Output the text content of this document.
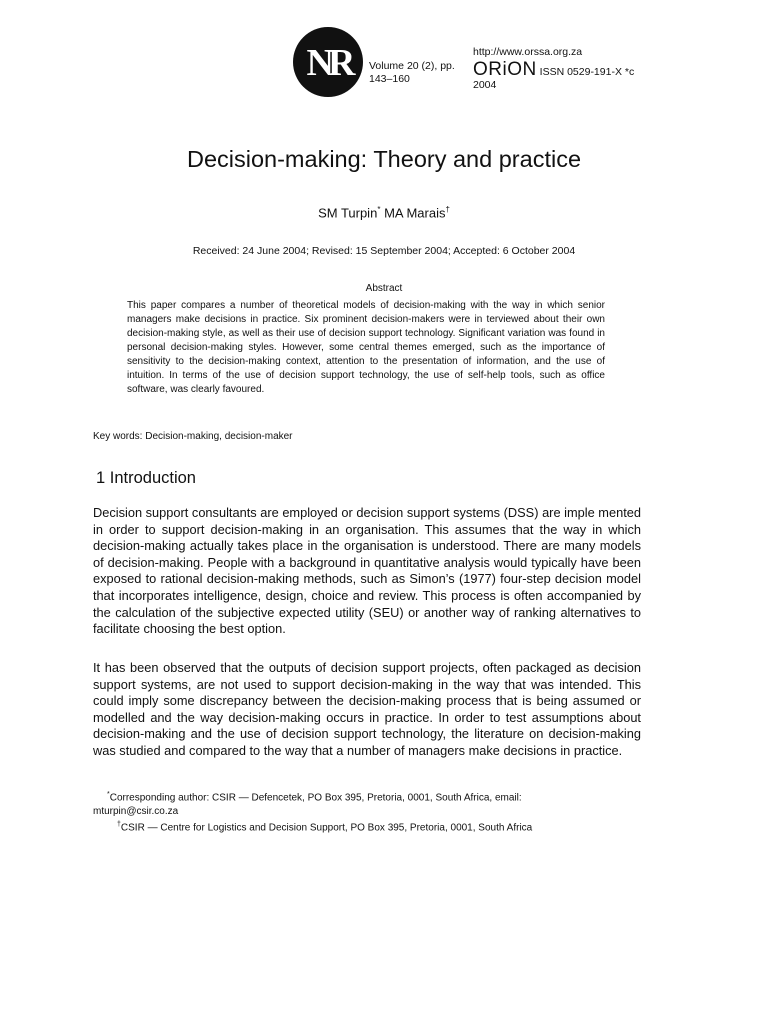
NR	Volume 20 (2), pp.
143–160
http://www.orssa.org.za
ORiON ISSN 0529-191-X *c
2004
Decision-making: Theory and practice
SM Turpin* MA Marais†
Received: 24 June 2004; Revised: 15 September 2004; Accepted: 6 October 2004
Abstract

This paper compares a number of theoretical models of decision-making with the way in which senior managers make decisions in practice. Six prominent decision-makers were in terviewed about their own decision-making style, as well as their use of decision support technology. Significant variation was found in personal decision-making styles. However, some central themes emerged, such as the importance of sensitivity to the decision-making context, attention to the presentation of information, and the use of intuition. In terms of the use of decision support technology, the use of self-help tools, such as office software, was clearly favoured.

Key words: Decision-making, decision-maker
1 Introduction

Decision support consultants are employed or decision support systems (DSS) are imple mented in order to support decision-making in an organisation. This assumes that the way in which decision-making actually takes place in the organisation is understood. There are many models of decision-making. People with a background in quantitative analysis would typically have been exposed to rational decision-making methods, such as Simon’s (1977) four-step decision model that incorporates intelligence, design, choice and review. This process is often accompanied by the calculation of the subjective expected utility (SEU) or another way of ranking alternatives to facilitate choosing the best option.

It has been observed that the outputs of decision support projects, often packaged as decision support systems, are not used to support decision-making in the way that was intended. This could imply some discrepancy between the decision-making process that is being assumed or modelled and the way decision-making occurs in practice. In order to test assumptions about decision-making and the use of decision support technology, the literature on decision-making was studied and compared to the way that a number of managers make decisions in practice.

*Corresponding author: CSIR — Defencetek, PO Box 395, Pretoria, 0001, South Africa, email:
mturpin@csir.co.za
†CSIR — Centre for Logistics and Decision Support, PO Box 395, Pretoria, 0001, South Africa
